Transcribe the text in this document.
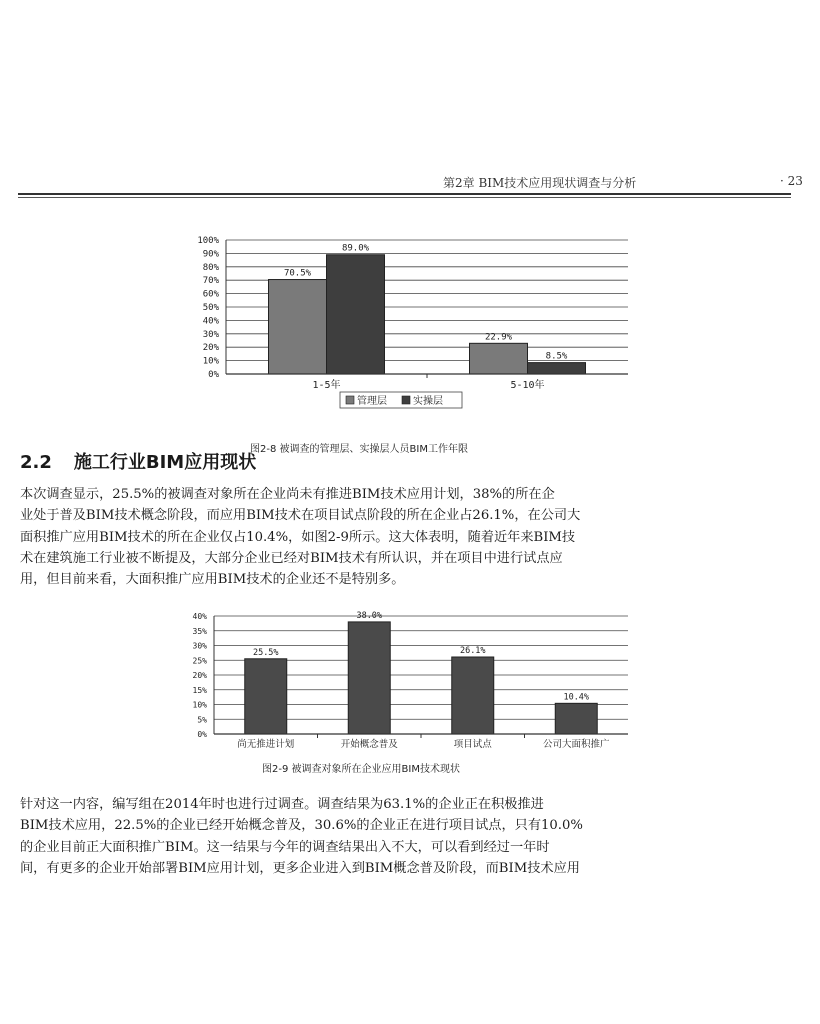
第2章 BIM技术应用现状调查与分析	· 23
0%
10%
20%
30%
40%
50%
60%
70%
80%
90%
100%
70.5%
89.0%
1-5年
22.9%
8.5%
5-10年
管理层	实操层
图2-8 被调查的管理层、实操层人员BIM工作年限
2.2 施工行业BIM应用现状
本次调查显示，25.5%的被调查对象所在企业尚未有推进BIM技术应用计划，38%的所在企
业处于普及BIM技术概念阶段，而应用BIM技术在项目试点阶段的所在企业占26.1%，在公司大
面积推广应用BIM技术的所在企业仅占10.4%，如图2-9所示。这大体表明，随着近年来BIM技
术在建筑施工行业被不断提及，大部分企业已经对BIM技术有所认识，并在项目中进行试点应
用，但目前来看，大面积推广应用BIM技术的企业还不是特别多。
0%
5%
10%
15%
20%
25%
30%
35%
40%
25.5%
尚无推进计划
38.0%
开始概念普及
26.1%
项目试点
10.4%
公司大面积推广
图2-9 被调查对象所在企业应用BIM技术现状
针对这一内容，编写组在2014年时也进行过调查。调查结果为63.1%的企业正在积极推进
BIM技术应用，22.5%的企业已经开始概念普及，30.6%的企业正在进行项目试点，只有10.0%
的企业目前正大面积推广BIM。这一结果与今年的调查结果出入不大，可以看到经过一年时
间，有更多的企业开始部署BIM应用计划，更多企业进入到BIM概念普及阶段，而BIM技术应用
